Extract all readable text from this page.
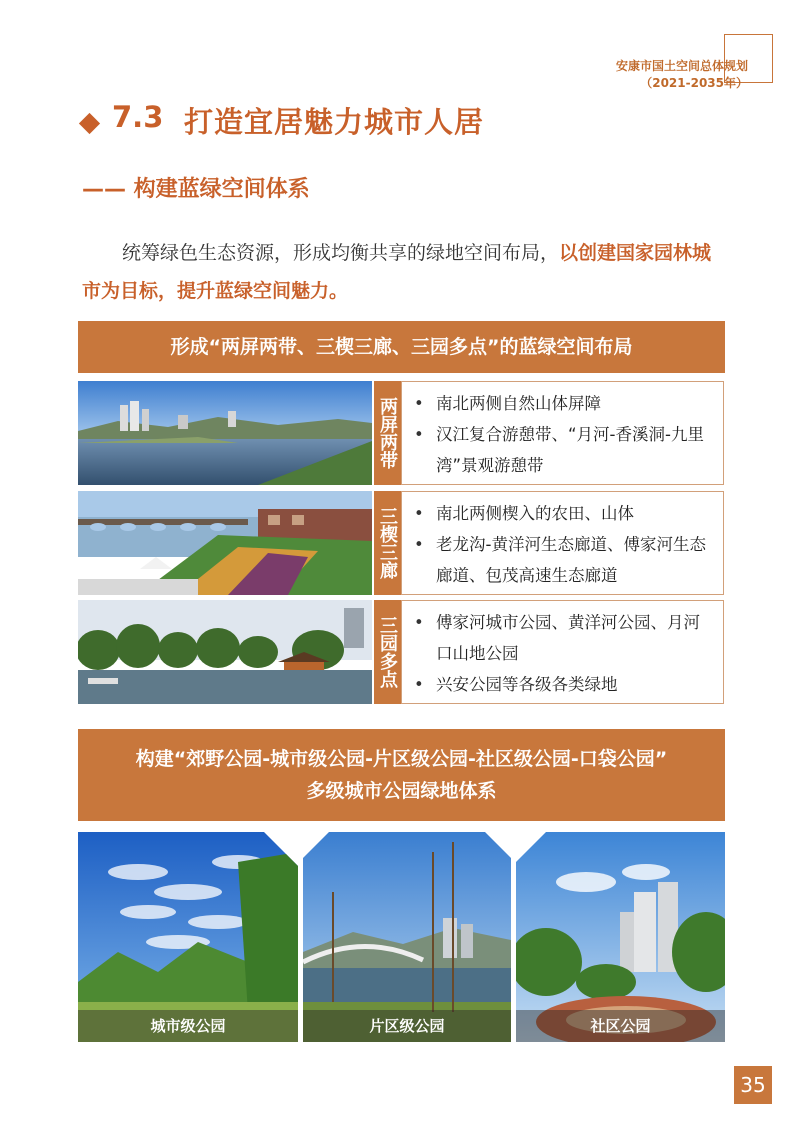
安康市国土空间总体规划
（2021-2035年）
7.3 打造宜居魅力城市人居
—— 构建蓝绿空间体系
统筹绿色生态资源，形成均衡共享的绿地空间布局，以创建国家园林城市为目标，提升蓝绿空间魅力。
形成“两屏两带、三楔三廊、三园多点”的蓝绿空间布局
两屏两带	• 南北两侧自然山体屏障
• 汉江复合游憩带、“月河-香溪洞-九里湾”景观游憩带
三楔三廊	• 南北两侧楔入的农田、山体
• 老龙沟-黄洋河生态廊道、傅家河生态廊道、包茂高速生态廊道
三园多点	• 傅家河城市公园、黄洋河公园、月河口山地公园
• 兴安公园等各级各类绿地
构建“郊野公园-城市级公园-片区级公园-社区级公园-口袋公园”
多级城市公园绿地体系
城市级公园	片区级公园	社区公园
35
